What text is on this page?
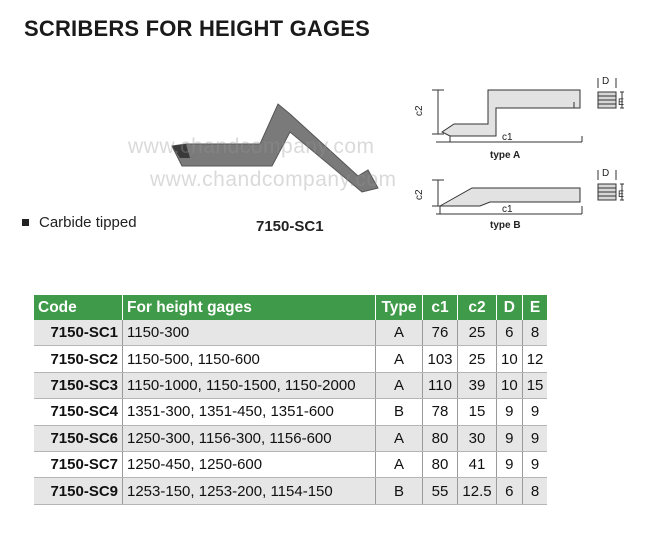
SCRIBERS FOR HEIGHT GAGES
www.chandcompany.com
www.chandcompany.com
Carbide tipped	7150-SC1
c2
c1
type A
D
E
c2
c1
type B
D
E
Code	For height gages	Type	c1	c2	D	E
7150-SC1	1150-300	A	76	25	6	8
7150-SC2	1150-500, 1150-600	A	103	25	10	12
7150-SC3	1150-1000, 1150-1500, 1150-2000	A	110	39	10	15
7150-SC4	1351-300, 1351-450, 1351-600	B	78	15	9	9
7150-SC6	1250-300, 1156-300, 1156-600	A	80	30	9	9
7150-SC7	1250-450, 1250-600	A	80	41	9	9
7150-SC9	1253-150, 1253-200, 1154-150	B	55	12.5	6	8
